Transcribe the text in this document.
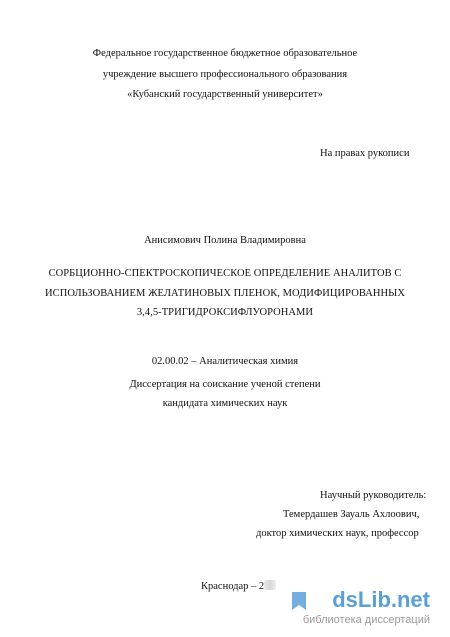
Федеральное государственное бюджетное образовательное
учреждение высшего профессионального образования
«Кубанский государственный университет»
На правах рукописи
Анисимович Полина Владимировна
СОРБЦИОННО-СПЕКТРОСКОПИЧЕСКОЕ ОПРЕДЕЛЕНИЕ АНАЛИТОВ С
ИСПОЛЬЗОВАНИЕМ ЖЕЛАТИНОВЫХ ПЛЕНОК, МОДИФИЦИРОВАННЫХ
3,4,5-ТРИГИДРОКСИФЛУОРОНАМИ
02.00.02 – Аналитическая химия
Диссертация на соискание ученой степени
кандидата химических наук
Научный руководитель:
Темердашев Зауаль Ахлоович,
доктор химических наук, профессор
Краснодар – 2
dsLib.net
библиотека диссертаций
